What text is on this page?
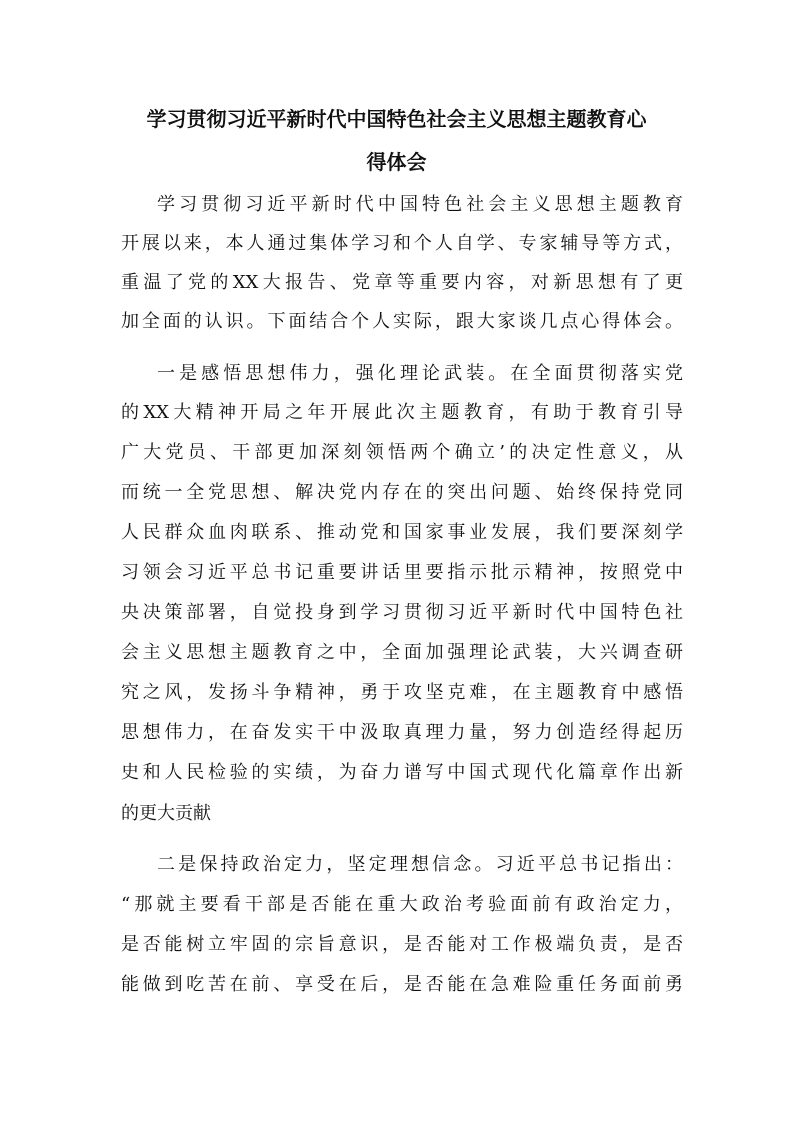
学习贯彻习近平新时代中国特色社会主义思想主题教育心
得体会
学习贯彻习近平新时代中国特色社会主义思想主题教育
开展以来，本人通过集体学习和个人自学、专家辅导等方式，
重温了党的XX大报告、党章等重要内容，对新思想有了更
加全面的认识。下面结合个人实际，跟大家谈几点心得体会。
一是感悟思想伟力，强化理论武装。在全面贯彻落实党
的XX大精神开局之年开展此次主题教育，有助于教育引导
广大党员、干部更加深刻领悟两个确立’的决定性意义，从
而统一全党思想、解决党内存在的突出问题、始终保持党同
人民群众血肉联系、推动党和国家事业发展，我们要深刻学
习领会习近平总书记重要讲话里要指示批示精神，按照党中
央决策部署，自觉投身到学习贯彻习近平新时代中国特色社
会主义思想主题教育之中，全面加强理论武装，大兴调查研
究之风，发扬斗争精神，勇于攻坚克难，在主题教育中感悟
思想伟力，在奋发实干中汲取真理力量，努力创造经得起历
史和人民检验的实绩，为奋力谱写中国式现代化篇章作出新
的更大贡献
二是保持政治定力，坚定理想信念。习近平总书记指出：
“那就主要看干部是否能在重大政治考验面前有政治定力，
是否能树立牢固的宗旨意识，是否能对工作极端负责，是否
能做到吃苦在前、享受在后，是否能在急难险重任务面前勇
